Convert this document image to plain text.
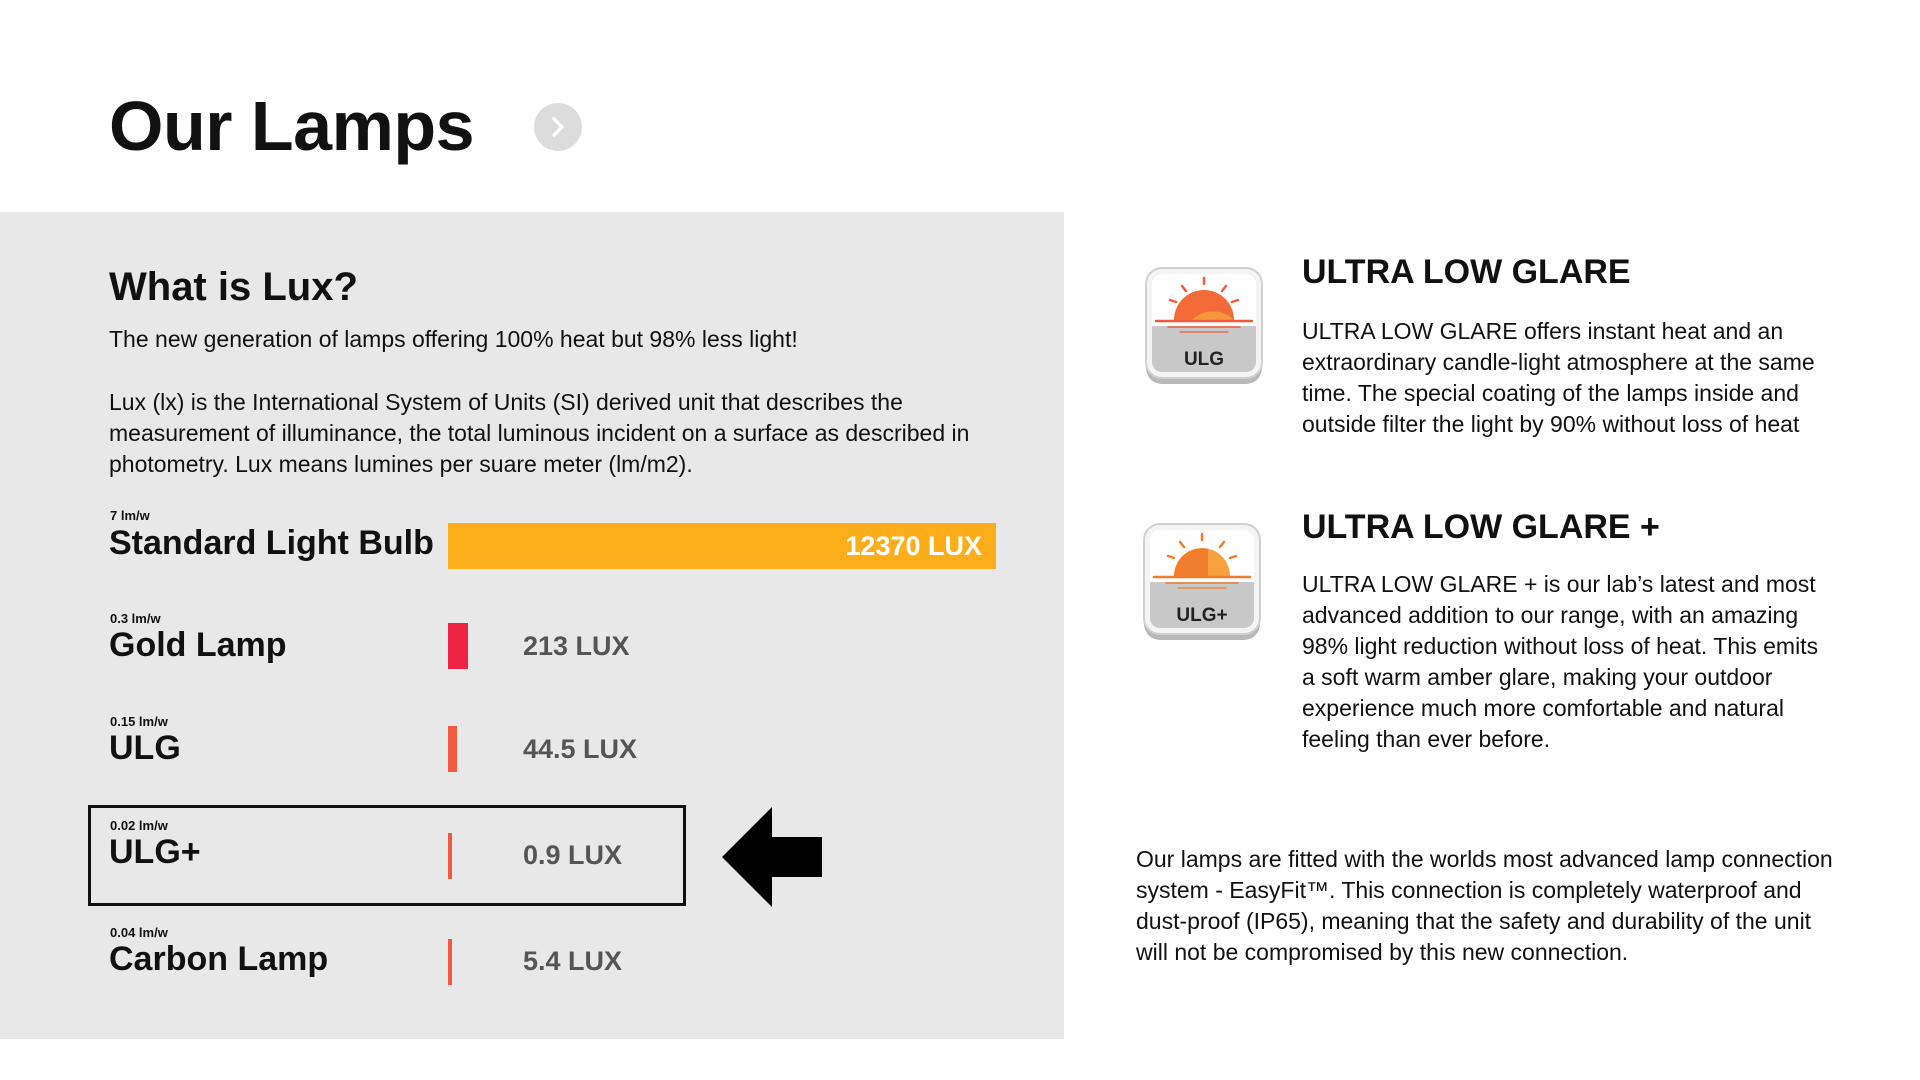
Our Lamps
What is Lux?
The new generation of lamps offering 100% heat but 98% less light!
Lux (lx) is the International System of Units (SI) derived unit that describes the measurement of illuminance, the total luminous incident on a surface as described in photometry. Lux means lumines per suare meter (lm/m2).
7 lm/w
Standard Light Bulb	12370 LUX
0.3 lm/w
Gold Lamp	213 LUX
0.15 lm/w
ULG	44.5 LUX
0.02 lm/w
ULG+	0.9 LUX
0.04 lm/w
Carbon Lamp	5.4 LUX
ULG
ULTRA LOW GLARE
ULTRA LOW GLARE offers instant heat and an extraordinary candle-light atmosphere at the same time. The special coating of the lamps inside and outside filter the light by 90% without loss of heat
ULG+
ULTRA LOW GLARE +
ULTRA LOW GLARE + is our lab’s latest and most advanced addition to our range, with an amazing 98% light reduction without loss of heat. This emits a soft warm amber glare, making your outdoor experience much more comfortable and natural feeling than ever before.
Our lamps are fitted with the worlds most advanced lamp connection system - EasyFit™. This connection is completely waterproof and dust-proof (IP65), meaning that the safety and durability of the unit will not be compromised by this new connection.
